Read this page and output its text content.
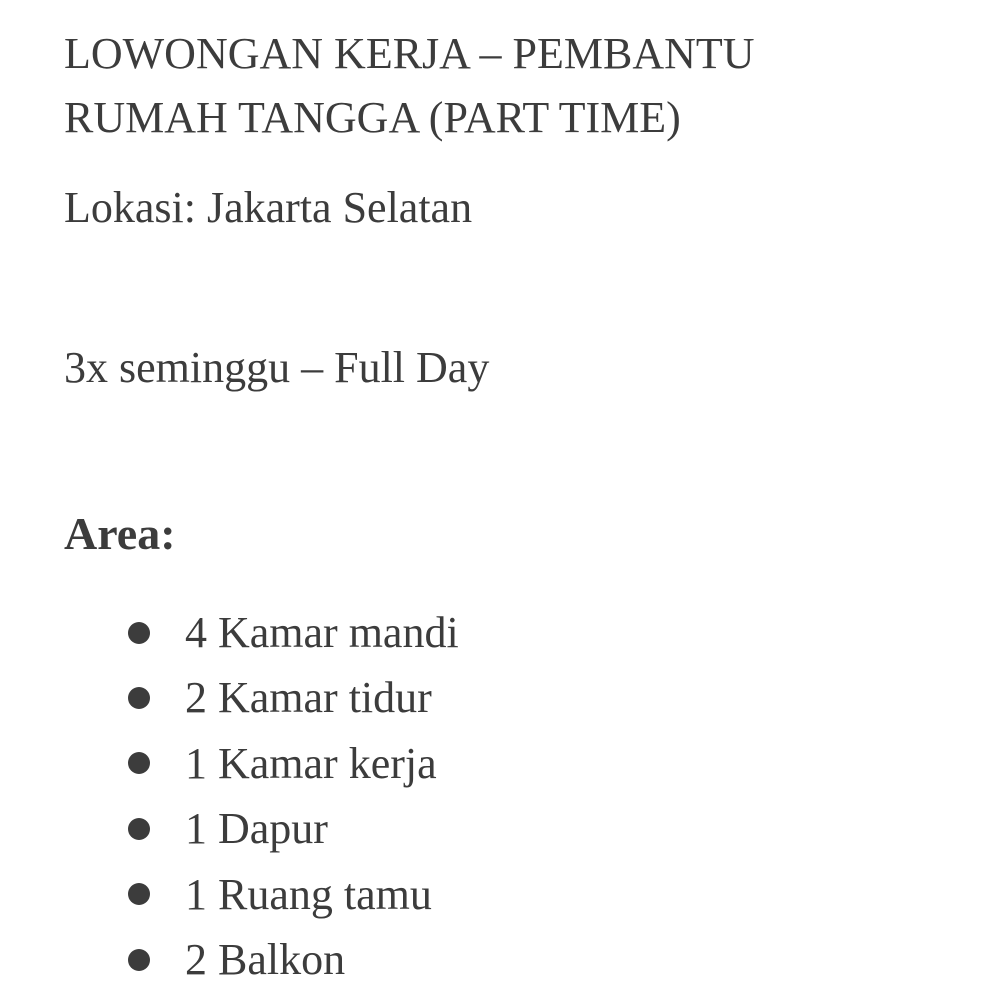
LOWONGAN KERJA – PEMBANTU
RUMAH TANGGA (PART TIME)

Lokasi: Jakarta Selatan

3x seminggu – Full Day

Area:
4 Kamar mandi
2 Kamar tidur
1 Kamar kerja
1 Dapur
1 Ruang tamu
2 Balkon
